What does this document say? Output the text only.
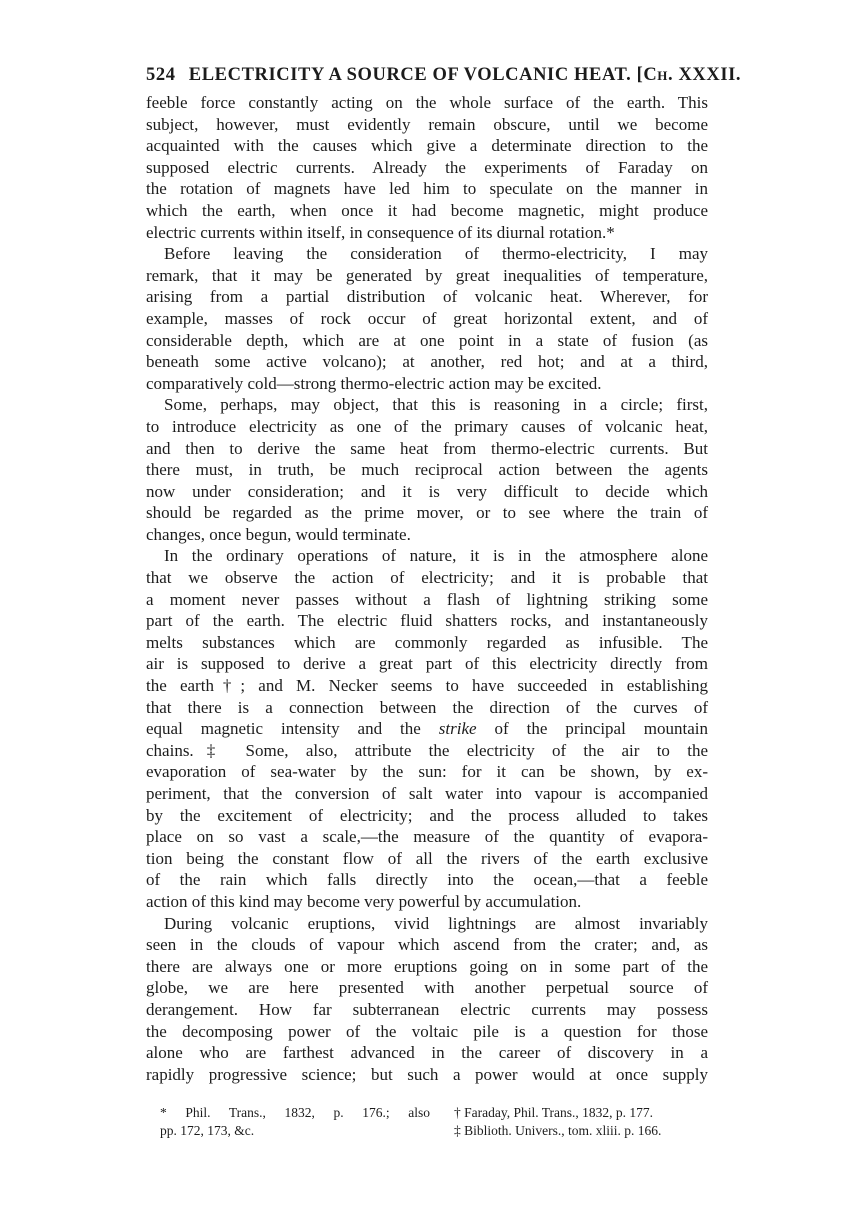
524 ELECTRICITY A SOURCE OF VOLCANIC HEAT. [Ch. XXXII.
feeble force constantly acting on the whole surface of the earth. This
subject, however, must evidently remain obscure, until we become
acquainted with the causes which give a determinate direction to the
supposed electric currents. Already the experiments of Faraday on
the rotation of magnets have led him to speculate on the manner in
which the earth, when once it had become magnetic, might produce
electric currents within itself, in consequence of its diurnal rotation.*
Before leaving the consideration of thermo-electricity, I may
remark, that it may be generated by great inequalities of temperature,
arising from a partial distribution of volcanic heat. Wherever, for
example, masses of rock occur of great horizontal extent, and of
considerable depth, which are at one point in a state of fusion (as
beneath some active volcano); at another, red hot; and at a third,
comparatively cold—strong thermo-electric action may be excited.
Some, perhaps, may object, that this is reasoning in a circle; first,
to introduce electricity as one of the primary causes of volcanic heat,
and then to derive the same heat from thermo-electric currents. But
there must, in truth, be much reciprocal action between the agents
now under consideration; and it is very difficult to decide which
should be regarded as the prime mover, or to see where the train of
changes, once begun, would terminate.
In the ordinary operations of nature, it is in the atmosphere alone
that we observe the action of electricity; and it is probable that
a moment never passes without a flash of lightning striking some
part of the earth. The electric fluid shatters rocks, and instantaneously
melts substances which are commonly regarded as infusible. The
air is supposed to derive a great part of this electricity directly from
the earth†; and M. Necker seems to have succeeded in establishing
that there is a connection between the direction of the curves of
equal magnetic intensity and the strike of the principal mountain
chains.‡ Some, also, attribute the electricity of the air to the
evaporation of sea-water by the sun: for it can be shown, by ex-
periment, that the conversion of salt water into vapour is accompanied
by the excitement of electricity; and the process alluded to takes
place on so vast a scale,—the measure of the quantity of evapora-
tion being the constant flow of all the rivers of the earth exclusive
of the rain which falls directly into the ocean,—that a feeble
action of this kind may become very powerful by accumulation.
During volcanic eruptions, vivid lightnings are almost invariably
seen in the clouds of vapour which ascend from the crater; and, as
there are always one or more eruptions going on in some part of the
globe, we are here presented with another perpetual source of
derangement. How far subterranean electric currents may possess
the decomposing power of the voltaic pile is a question for those
alone who are farthest advanced in the career of discovery in a
rapidly progressive science; but such a power would at once supply
* Phil. Trans., 1832, p. 176.; also
pp. 172, 173, &c.
† Faraday, Phil. Trans., 1832, p. 177.
‡ Biblioth. Univers., tom. xliii. p. 166.
